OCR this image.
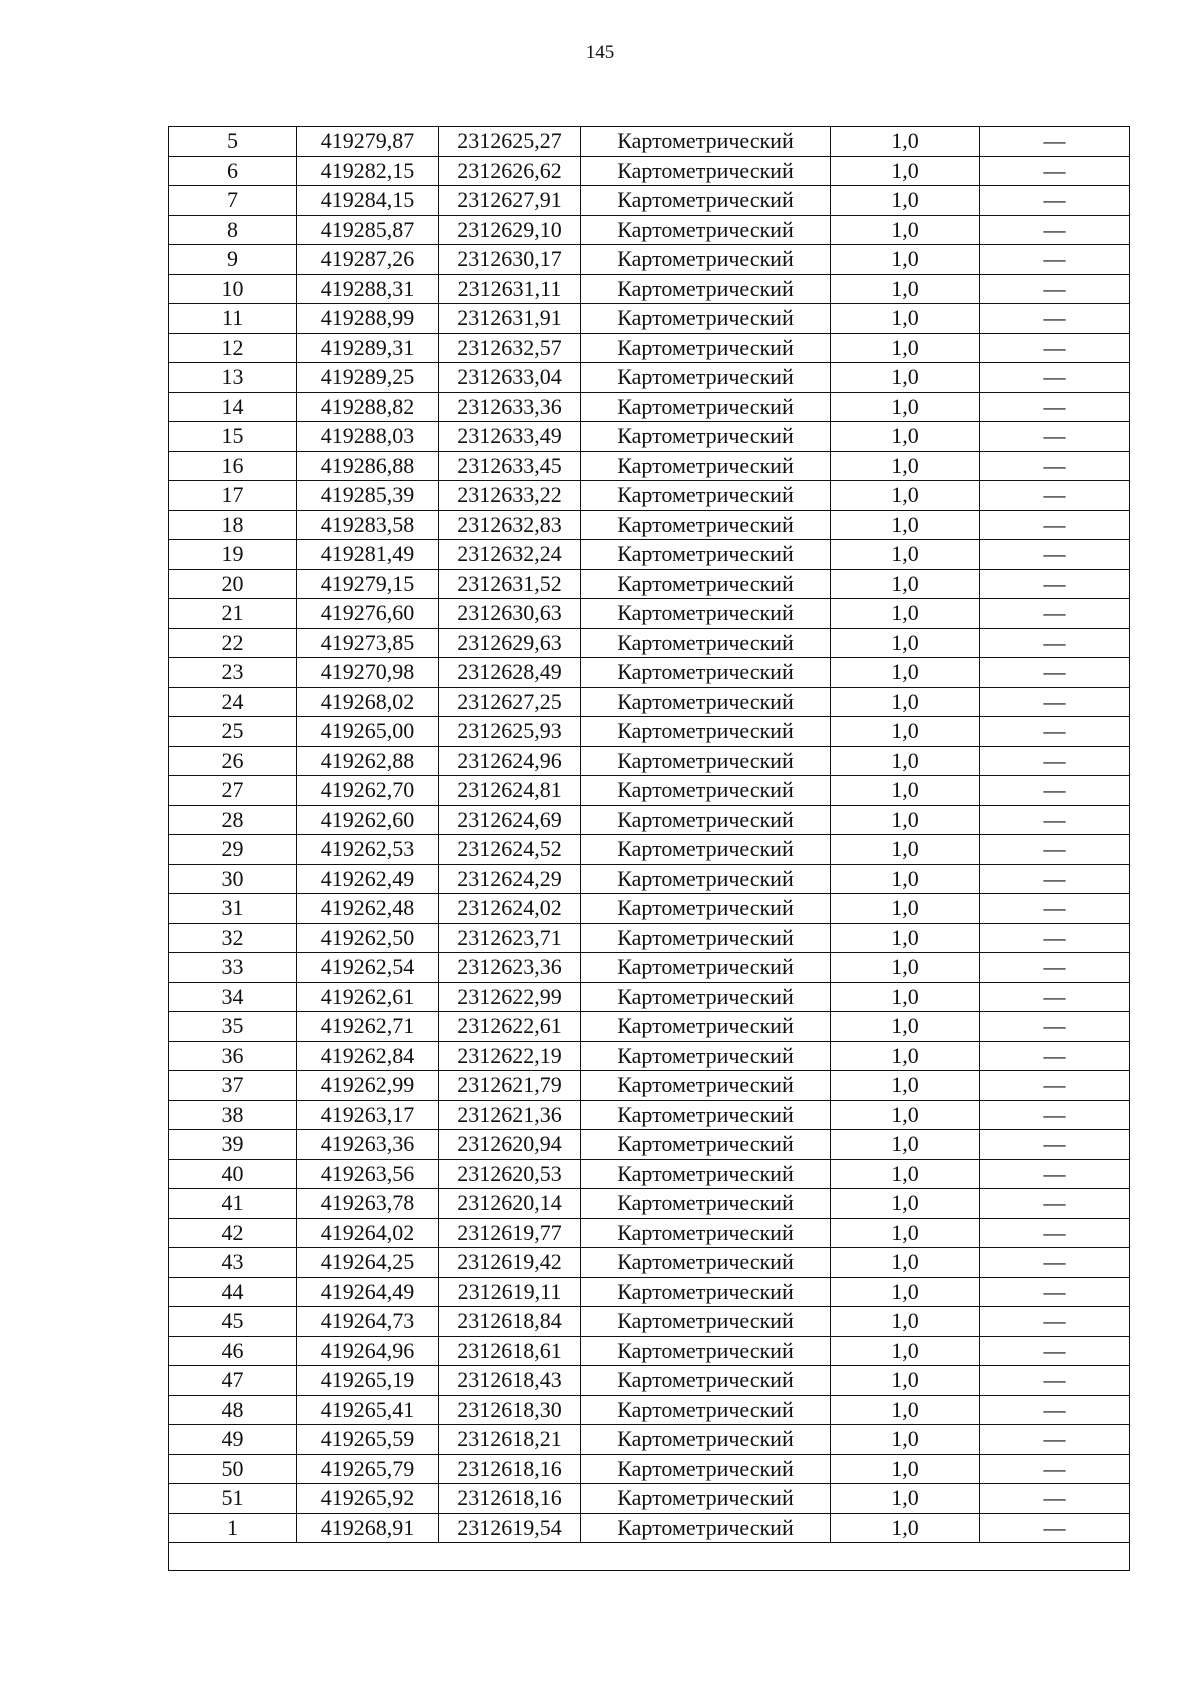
145
5	419279,87	2312625,27	Картометрический	1,0	—
6	419282,15	2312626,62	Картометрический	1,0	—
7	419284,15	2312627,91	Картометрический	1,0	—
8	419285,87	2312629,10	Картометрический	1,0	—
9	419287,26	2312630,17	Картометрический	1,0	—
10	419288,31	2312631,11	Картометрический	1,0	—
11	419288,99	2312631,91	Картометрический	1,0	—
12	419289,31	2312632,57	Картометрический	1,0	—
13	419289,25	2312633,04	Картометрический	1,0	—
14	419288,82	2312633,36	Картометрический	1,0	—
15	419288,03	2312633,49	Картометрический	1,0	—
16	419286,88	2312633,45	Картометрический	1,0	—
17	419285,39	2312633,22	Картометрический	1,0	—
18	419283,58	2312632,83	Картометрический	1,0	—
19	419281,49	2312632,24	Картометрический	1,0	—
20	419279,15	2312631,52	Картометрический	1,0	—
21	419276,60	2312630,63	Картометрический	1,0	—
22	419273,85	2312629,63	Картометрический	1,0	—
23	419270,98	2312628,49	Картометрический	1,0	—
24	419268,02	2312627,25	Картометрический	1,0	—
25	419265,00	2312625,93	Картометрический	1,0	—
26	419262,88	2312624,96	Картометрический	1,0	—
27	419262,70	2312624,81	Картометрический	1,0	—
28	419262,60	2312624,69	Картометрический	1,0	—
29	419262,53	2312624,52	Картометрический	1,0	—
30	419262,49	2312624,29	Картометрический	1,0	—
31	419262,48	2312624,02	Картометрический	1,0	—
32	419262,50	2312623,71	Картометрический	1,0	—
33	419262,54	2312623,36	Картометрический	1,0	—
34	419262,61	2312622,99	Картометрический	1,0	—
35	419262,71	2312622,61	Картометрический	1,0	—
36	419262,84	2312622,19	Картометрический	1,0	—
37	419262,99	2312621,79	Картометрический	1,0	—
38	419263,17	2312621,36	Картометрический	1,0	—
39	419263,36	2312620,94	Картометрический	1,0	—
40	419263,56	2312620,53	Картометрический	1,0	—
41	419263,78	2312620,14	Картометрический	1,0	—
42	419264,02	2312619,77	Картометрический	1,0	—
43	419264,25	2312619,42	Картометрический	1,0	—
44	419264,49	2312619,11	Картометрический	1,0	—
45	419264,73	2312618,84	Картометрический	1,0	—
46	419264,96	2312618,61	Картометрический	1,0	—
47	419265,19	2312618,43	Картометрический	1,0	—
48	419265,41	2312618,30	Картометрический	1,0	—
49	419265,59	2312618,21	Картометрический	1,0	—
50	419265,79	2312618,16	Картометрический	1,0	—
51	419265,92	2312618,16	Картометрический	1,0	—
1	419268,91	2312619,54	Картометрический	1,0	—
